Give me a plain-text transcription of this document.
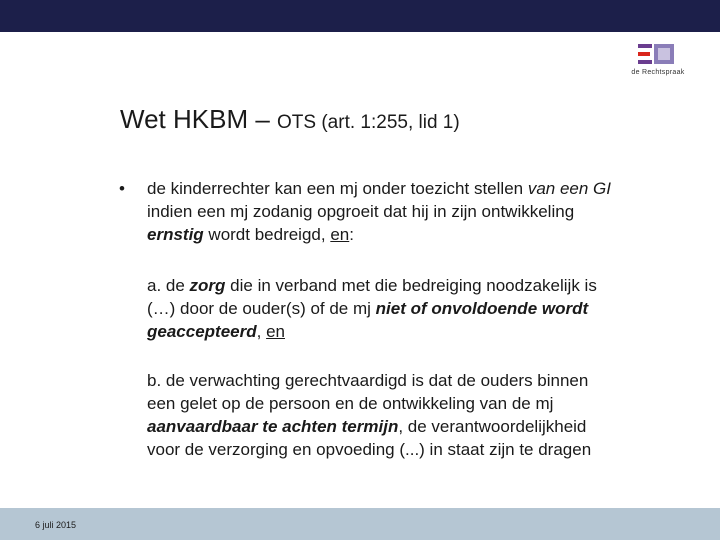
de Rechtspraak
Wet HKBM – OTS (art. 1:255, lid 1)
• de kinderrechter kan een mj onder toezicht stellen van een GI indien een mj zodanig opgroeit dat hij in zijn ontwikkeling ernstig wordt bedreigd, en:
a. de zorg die in verband met die bedreiging noodzakelijk is (…) door de ouder(s) of de mj niet of onvoldoende wordt geaccepteerd, en
b. de verwachting gerechtvaardigd is dat de ouders binnen een gelet op de persoon en de ontwikkeling van de mj aanvaardbaar te achten termijn, de verantwoordelijkheid voor de verzorging en opvoeding (...) in staat zijn te dragen
6 juli 2015
